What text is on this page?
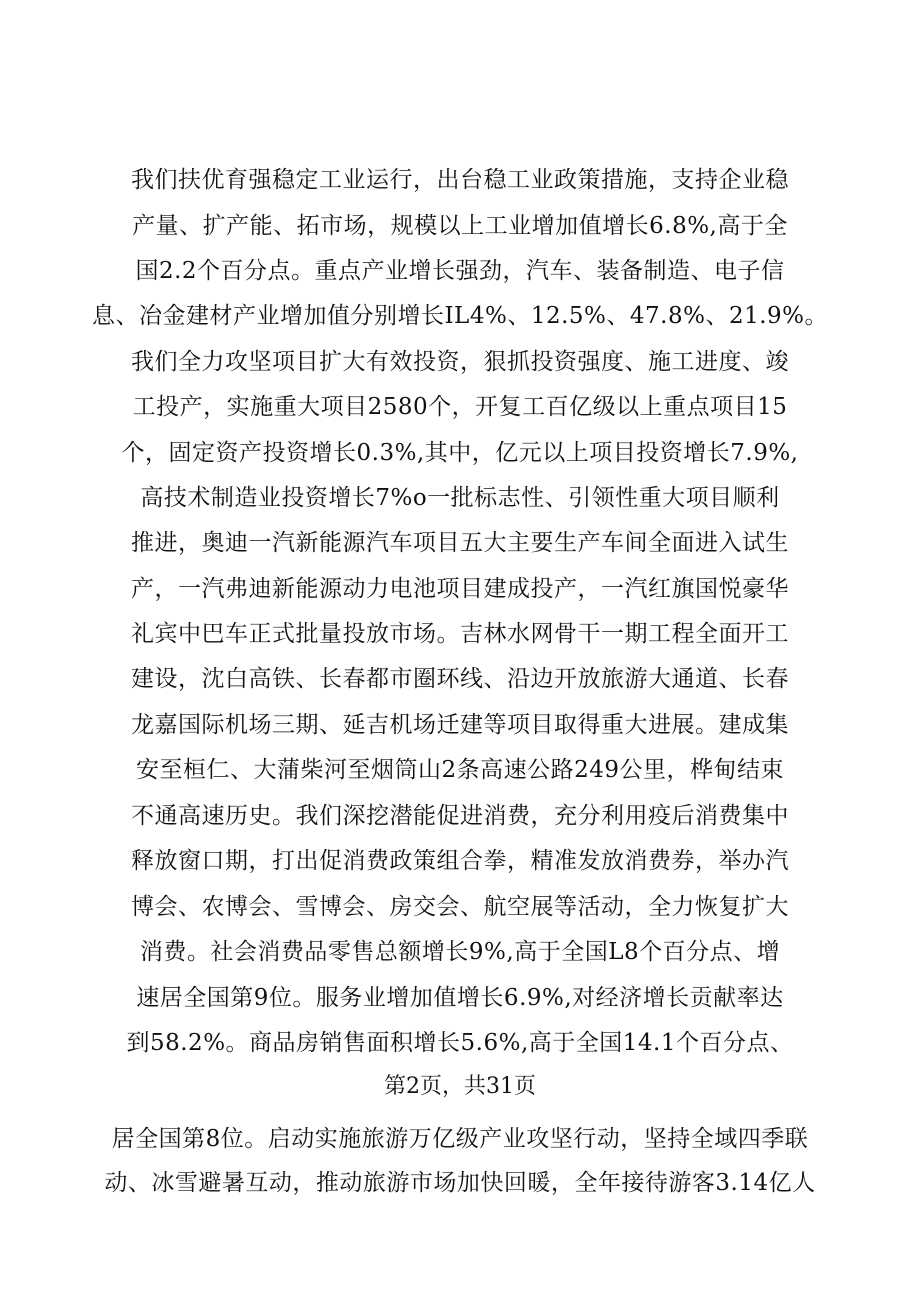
我们扶优育强稳定工业运行，出台稳工业政策措施，支持企业稳
产量、扩产能、拓市场，规模以上工业增加值增长6.8%,高于全
国2.2个百分点。重点产业增长强劲，汽车、装备制造、电子信
息、冶金建材产业增加值分别增长IL4%、12.5%、47.8%、21.9%。
我们全力攻坚项目扩大有效投资，狠抓投资强度、施工进度、竣
工投产，实施重大项目2580个，开复工百亿级以上重点项目15
个，固定资产投资增长0.3%,其中，亿元以上项目投资增长7.9%,
高技术制造业投资增长7%o一批标志性、引领性重大项目顺利
推进，奥迪一汽新能源汽车项目五大主要生产车间全面进入试生
产，一汽弗迪新能源动力电池项目建成投产，一汽红旗国悦豪华
礼宾中巴车正式批量投放市场。吉林水网骨干一期工程全面开工
建设，沈白高铁、长春都市圈环线、沿边开放旅游大通道、长春
龙嘉国际机场三期、延吉机场迁建等项目取得重大进展。建成集
安至桓仁、大蒲柴河至烟筒山2条高速公路249公里，桦甸结束
不通高速历史。我们深挖潜能促进消费，充分利用疫后消费集中
释放窗口期，打出促消费政策组合拳，精准发放消费券，举办汽
博会、农博会、雪博会、房交会、航空展等活动，全力恢复扩大
消费。社会消费品零售总额增长9%,高于全国L8个百分点、增
速居全国第9位。服务业增加值增长6.9%,对经济增长贡献率达
到58.2%。商品房销售面积增长5.6%,高于全国14.1个百分点、
第2页，共31页
居全国第8位。启动实施旅游万亿级产业攻坚行动，坚持全域四季联
动、冰雪避暑互动，推动旅游市场加快回暖，全年接待游客3.14亿人
